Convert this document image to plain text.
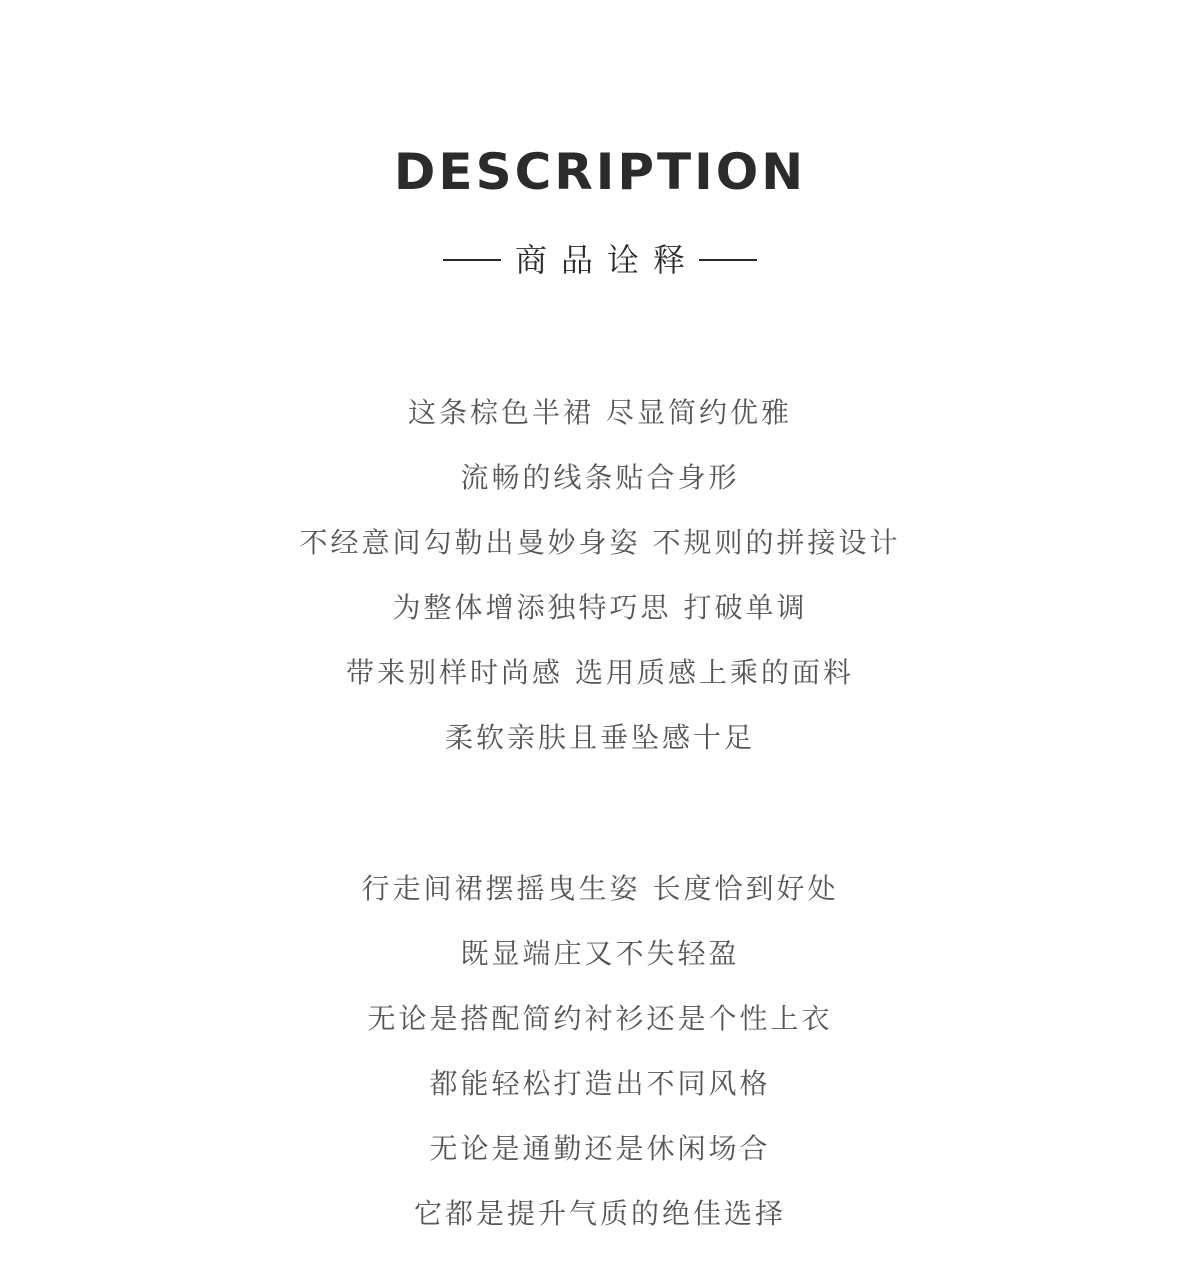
DESCRIPTION
商品诠释
这条棕色半裙 尽显简约优雅
流畅的线条贴合身形
不经意间勾勒出曼妙身姿 不规则的拼接设计
为整体增添独特巧思 打破单调
带来别样时尚感 选用质感上乘的面料
柔软亲肤且垂坠感十足
行走间裙摆摇曳生姿 长度恰到好处
既显端庄又不失轻盈
无论是搭配简约衬衫还是个性上衣
都能轻松打造出不同风格
无论是通勤还是休闲场合
它都是提升气质的绝佳选择
